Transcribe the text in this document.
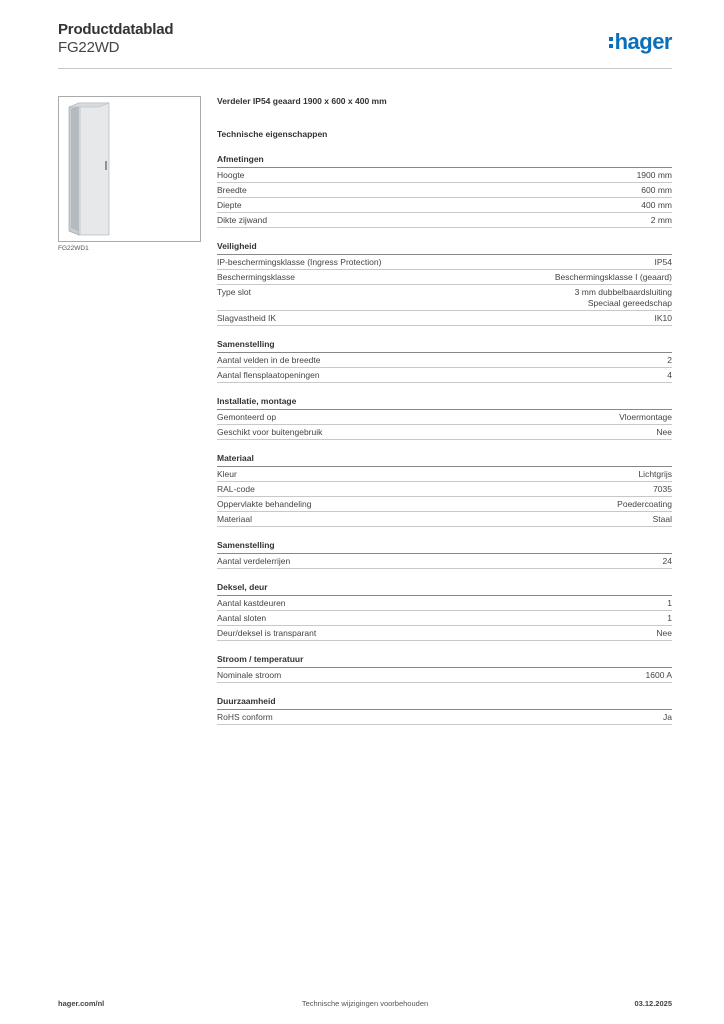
Productdatablad
FG22WD	hager
FG22WD1
Verdeler IP54 geaard 1900 x 600 x 400 mm
Technische eigenschappen
Afmetingen
Hoogte	1900 mm
Breedte	600 mm
Diepte	400 mm
Dikte zijwand	2 mm
Veiligheid
IP-beschermingsklasse (Ingress Protection)	IP54
Beschermingsklasse	Beschermingsklasse I (geaard)
Type slot	3 mm dubbelbaardsluiting
Speciaal gereedschap
Slagvastheid IK	IK10
Samenstelling
Aantal velden in de breedte	2
Aantal flensplaatopeningen	4
Installatie, montage
Gemonteerd op	Vloermontage
Geschikt voor buitengebruik	Nee
Materiaal
Kleur	Lichtgrijs
RAL-code	7035
Oppervlakte behandeling	Poedercoating
Materiaal	Staal
Samenstelling
Aantal verdelerrijen	24
Deksel, deur
Aantal kastdeuren	1
Aantal sloten	1
Deur/deksel is transparant	Nee
Stroom / temperatuur
Nominale stroom	1600 A
Duurzaamheid
RoHS conform	Ja
hager.com/nl	Technische wijzigingen voorbehouden	03.12.2025
